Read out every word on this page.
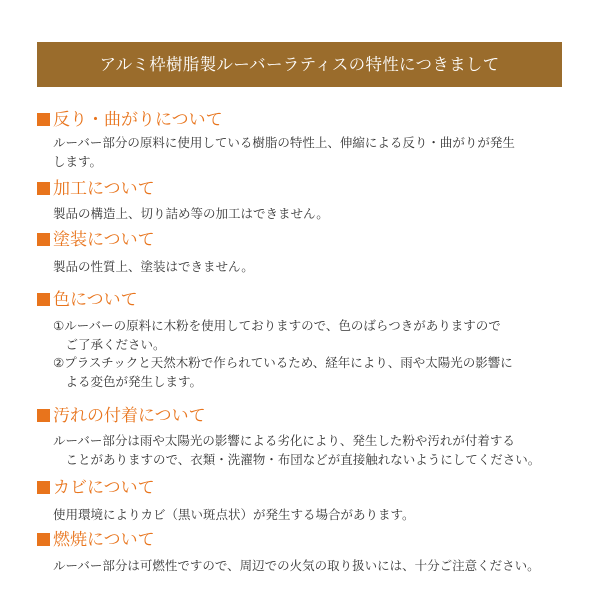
アルミ枠樹脂製ルーバーラティスの特性につきまして
反り・曲がりについて
ルーバー部分の原料に使用している樹脂の特性上、伸縮による反り・曲がりが発生
します。
加工について
製品の構造上、切り詰め等の加工はできません。
塗装について
製品の性質上、塗装はできません。
色について
①ルーバーの原料に木粉を使用しておりますので、色のばらつきがありますので
　ご了承ください。
②プラスチックと天然木粉で作られているため、経年により、雨や太陽光の影響に
　よる変色が発生します。
汚れの付着について
ルーバー部分は雨や太陽光の影響による劣化により、発生した粉や汚れが付着する
　ことがありますので、衣類・洗濯物・布団などが直接触れないようにしてください。
カビについて
使用環境によりカビ（黒い斑点状）が発生する場合があります。
燃焼について
ルーバー部分は可燃性ですので、周辺での火気の取り扱いには、十分ご注意ください。
